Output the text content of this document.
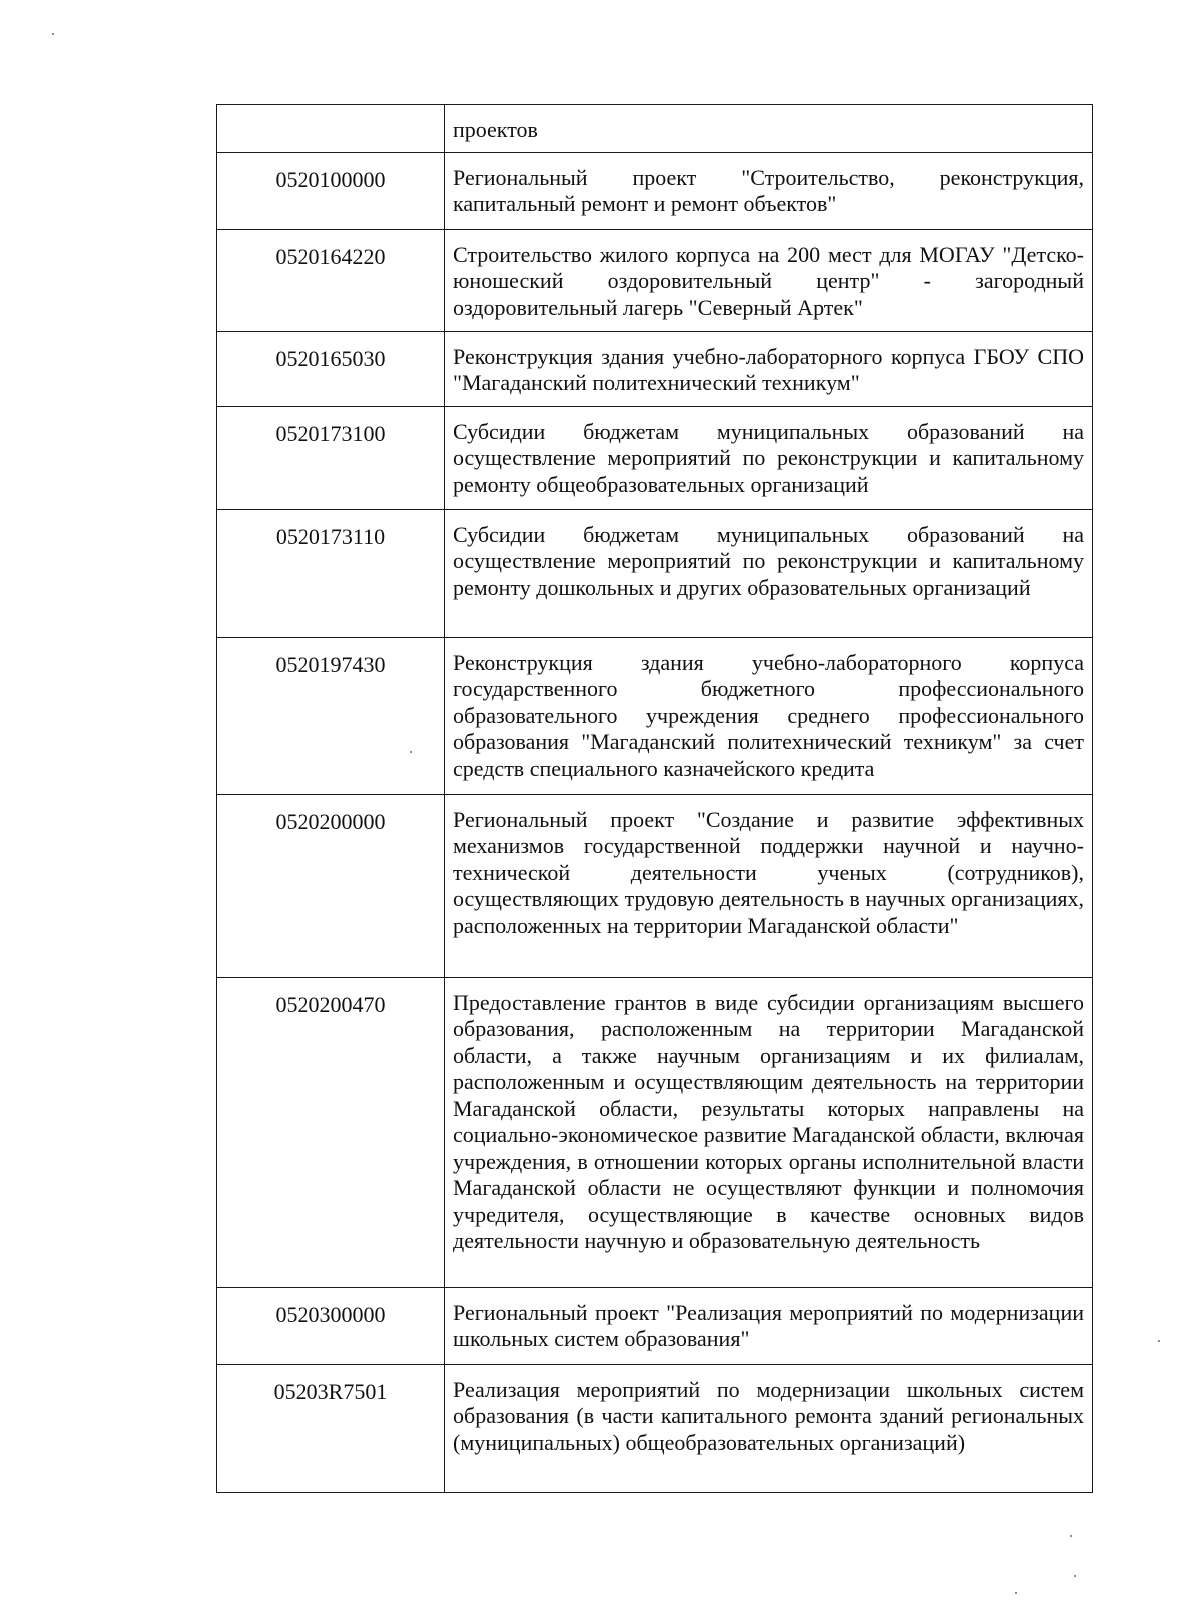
	проектов
0520100000	Региональный проект "Строительство, реконструкция, капитальный ремонт и ремонт объектов"
0520164220	Строительство жилого корпуса на 200 мест для МОГАУ "Детско-юношеский оздоровительный центр" - загородный оздоровительный лагерь "Северный Артек"
0520165030	Реконструкция здания учебно-лабораторного корпуса ГБОУ СПО "Магаданский политехнический техникум"
0520173100	Субсидии бюджетам муниципальных образований на осуществление мероприятий по реконструкции и капитальному ремонту общеобразовательных организаций
0520173110	Субсидии бюджетам муниципальных образований на осуществление мероприятий по реконструкции и капитальному ремонту дошкольных и других образовательных организаций
0520197430	Реконструкция здания учебно-лабораторного корпуса государственного бюджетного профессионального образовательного учреждения среднего профессионального образования "Магаданский политехнический техникум" за счет средств специального казначейского кредита
0520200000	Региональный проект "Создание и развитие эффективных механизмов государственной поддержки научной и научно-технической деятельности ученых (сотрудников), осуществляющих трудовую деятельность в научных организациях, расположенных на территории Магаданской области"
0520200470	Предоставление грантов в виде субсидии организациям высшего образования, расположенным на территории Магаданской области, а также научным организациям и их филиалам, расположенным и осуществляющим деятельность на территории Магаданской области, результаты которых направлены на социально-экономическое развитие Магаданской области, включая учреждения, в отношении которых органы исполнительной власти Магаданской области не осуществляют функции и полномочия учредителя, осуществляющие в качестве основных видов деятельности научную и образовательную деятельность
0520300000	Региональный проект "Реализация мероприятий по модернизации школьных систем образования"
05203R7501	Реализация мероприятий по модернизации школьных систем образования (в части капитального ремонта зданий региональных (муниципальных) общеобразовательных организаций)
